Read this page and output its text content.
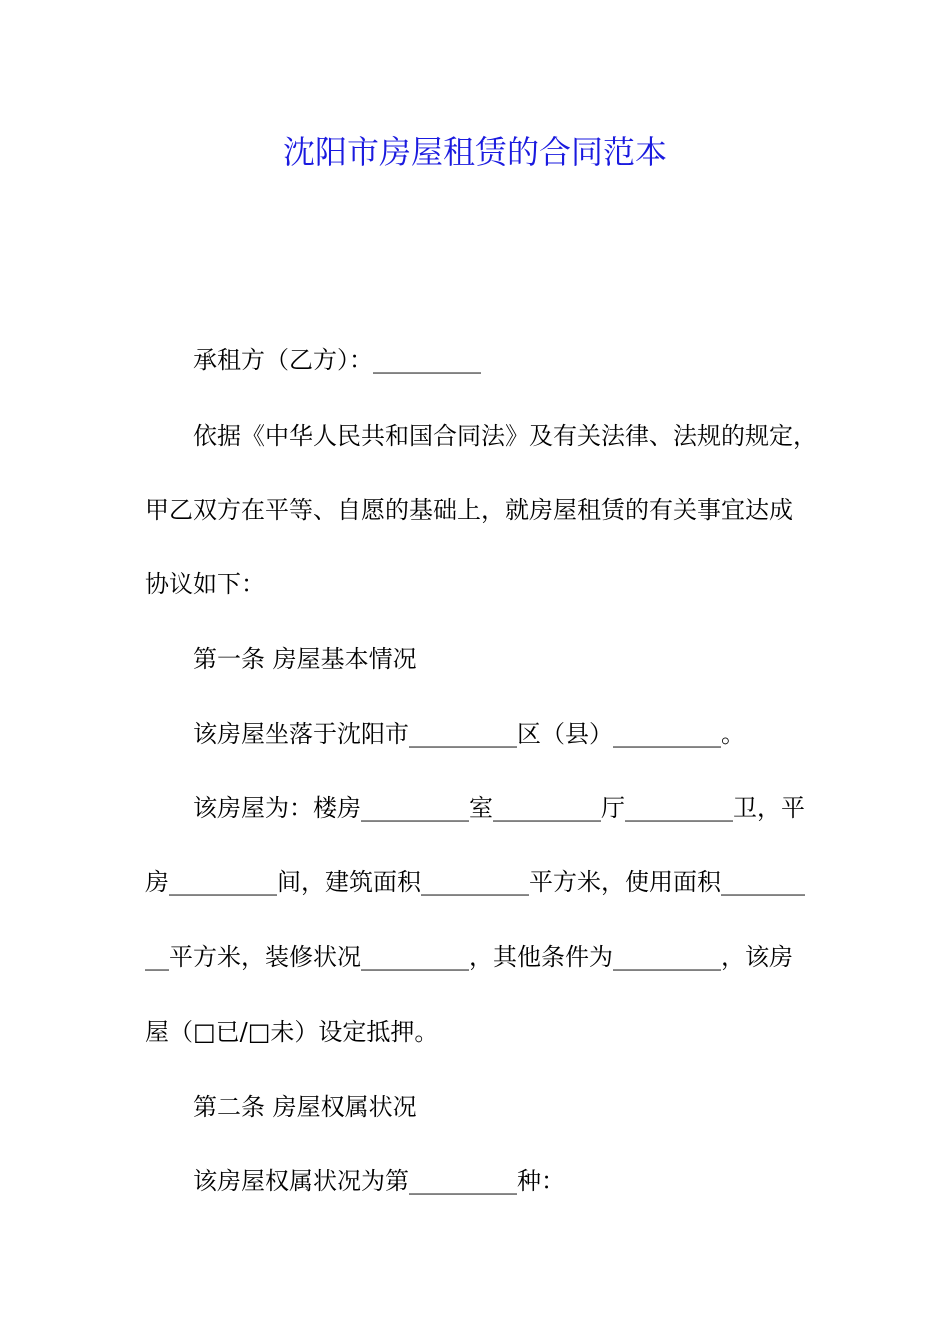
沈阳市房屋租赁的合同范本
承租方（乙方）：_________
依据《中华人民共和国合同法》及有关法律、法规的规定，
甲乙双方在平等、自愿的基础上，就房屋租赁的有关事宜达成
协议如下：
第一条 房屋基本情况
该房屋坐落于沈阳市_________区（县）_________。
该房屋为：楼房_________室_________厅_________卫，平
房_________间，建筑面积_________平方米，使用面积_______
__平方米，装修状况_________，其他条件为_________，该房
屋（□已/□未）设定抵押。
第二条 房屋权属状况
该房屋权属状况为第_________种：
